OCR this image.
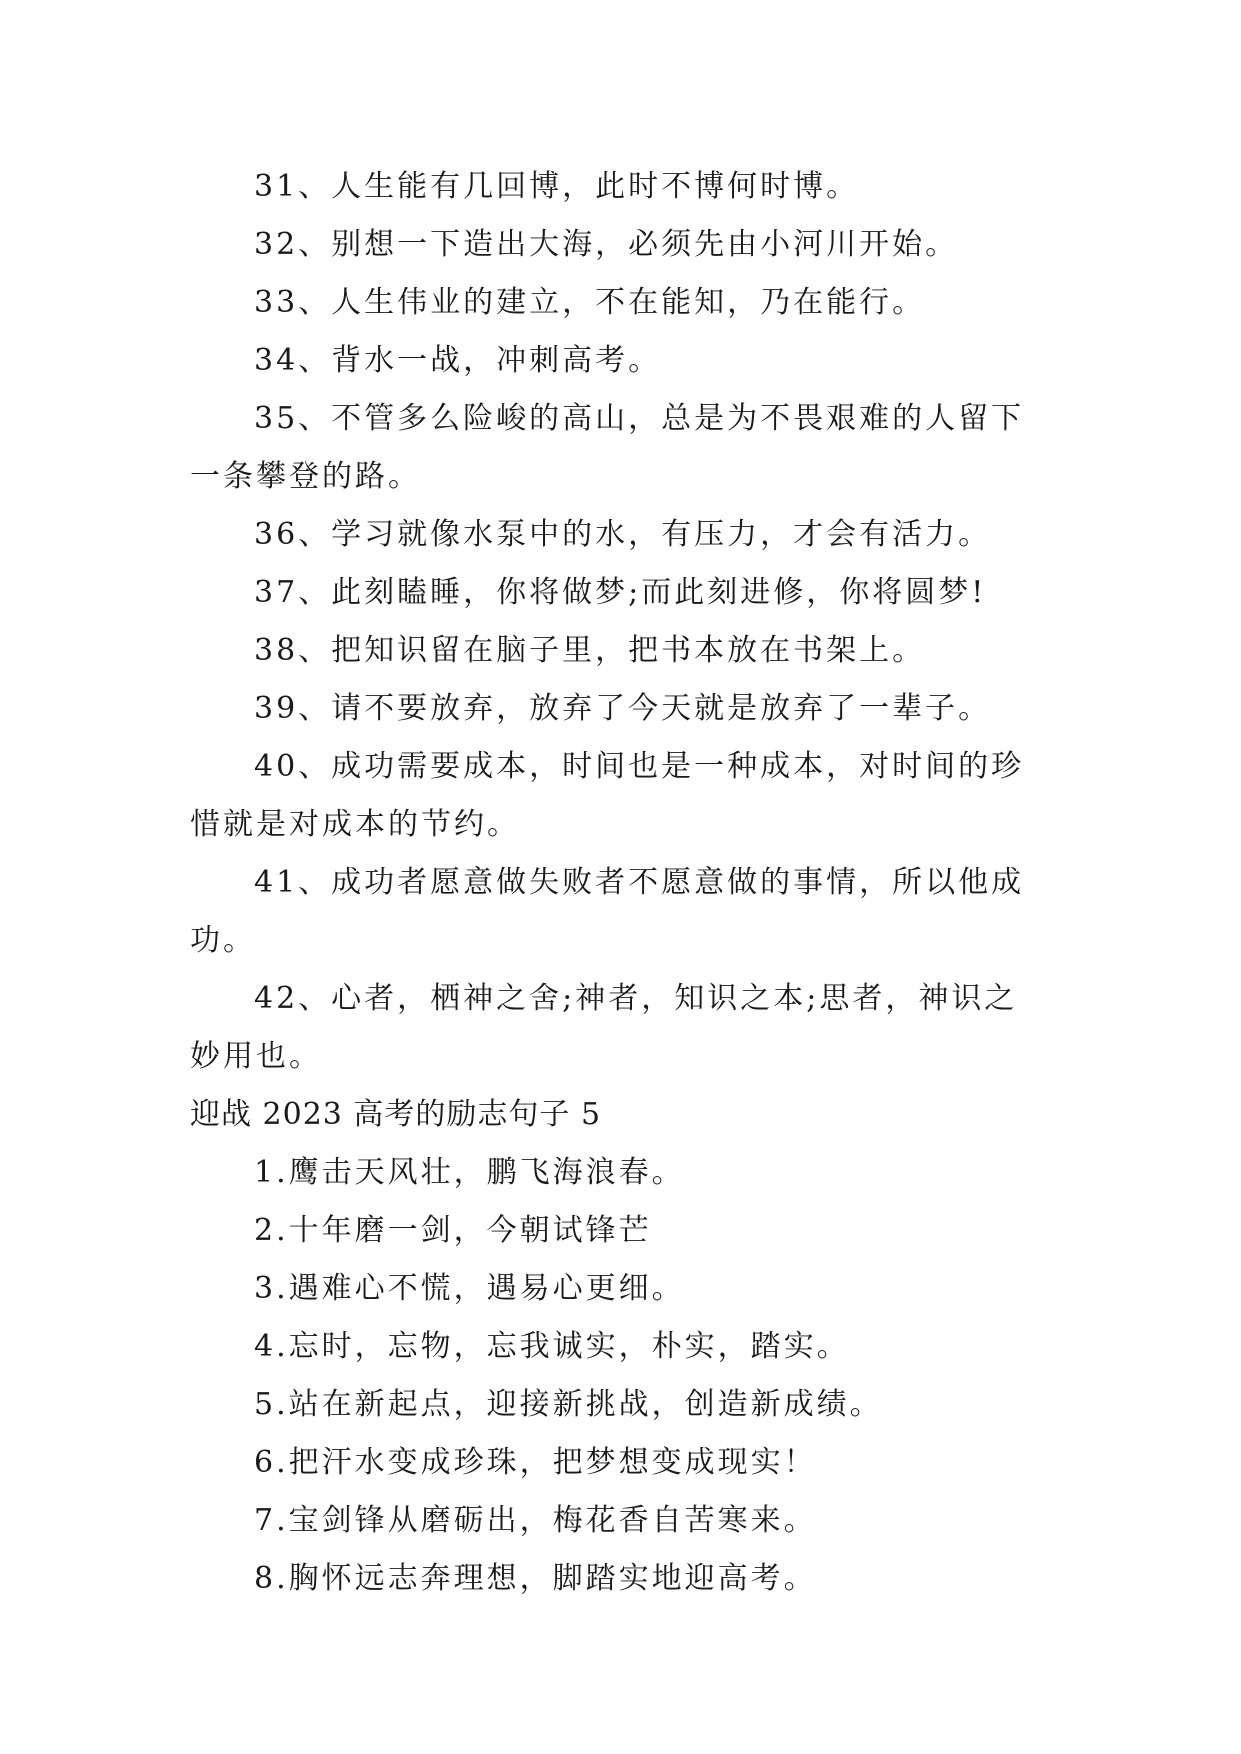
31、人生能有几回博，此时不博何时博。

32、别想一下造出大海，必须先由小河川开始。

33、人生伟业的建立，不在能知，乃在能行。

34、背水一战，冲刺高考。

35、不管多么险峻的高山，总是为不畏艰难的人留下一条攀登的路。

36、学习就像水泵中的水，有压力，才会有活力。

37、此刻瞌睡，你将做梦;而此刻进修，你将圆梦!

38、把知识留在脑子里，把书本放在书架上。

39、请不要放弃，放弃了今天就是放弃了一辈子。

40、成功需要成本，时间也是一种成本，对时间的珍惜就是对成本的节约。

41、成功者愿意做失败者不愿意做的事情，所以他成功。

42、心者，栖神之舍;神者，知识之本;思者，神识之妙用也。

迎战 2023 高考的励志句子 5

1.鹰击天风壮，鹏飞海浪春。

2.十年磨一剑，今朝试锋芒

3.遇难心不慌，遇易心更细。

4.忘时，忘物，忘我诚实，朴实，踏实。

5.站在新起点，迎接新挑战，创造新成绩。

6.把汗水变成珍珠，把梦想变成现实！

7.宝剑锋从磨砺出，梅花香自苦寒来。

8.胸怀远志奔理想，脚踏实地迎高考。
